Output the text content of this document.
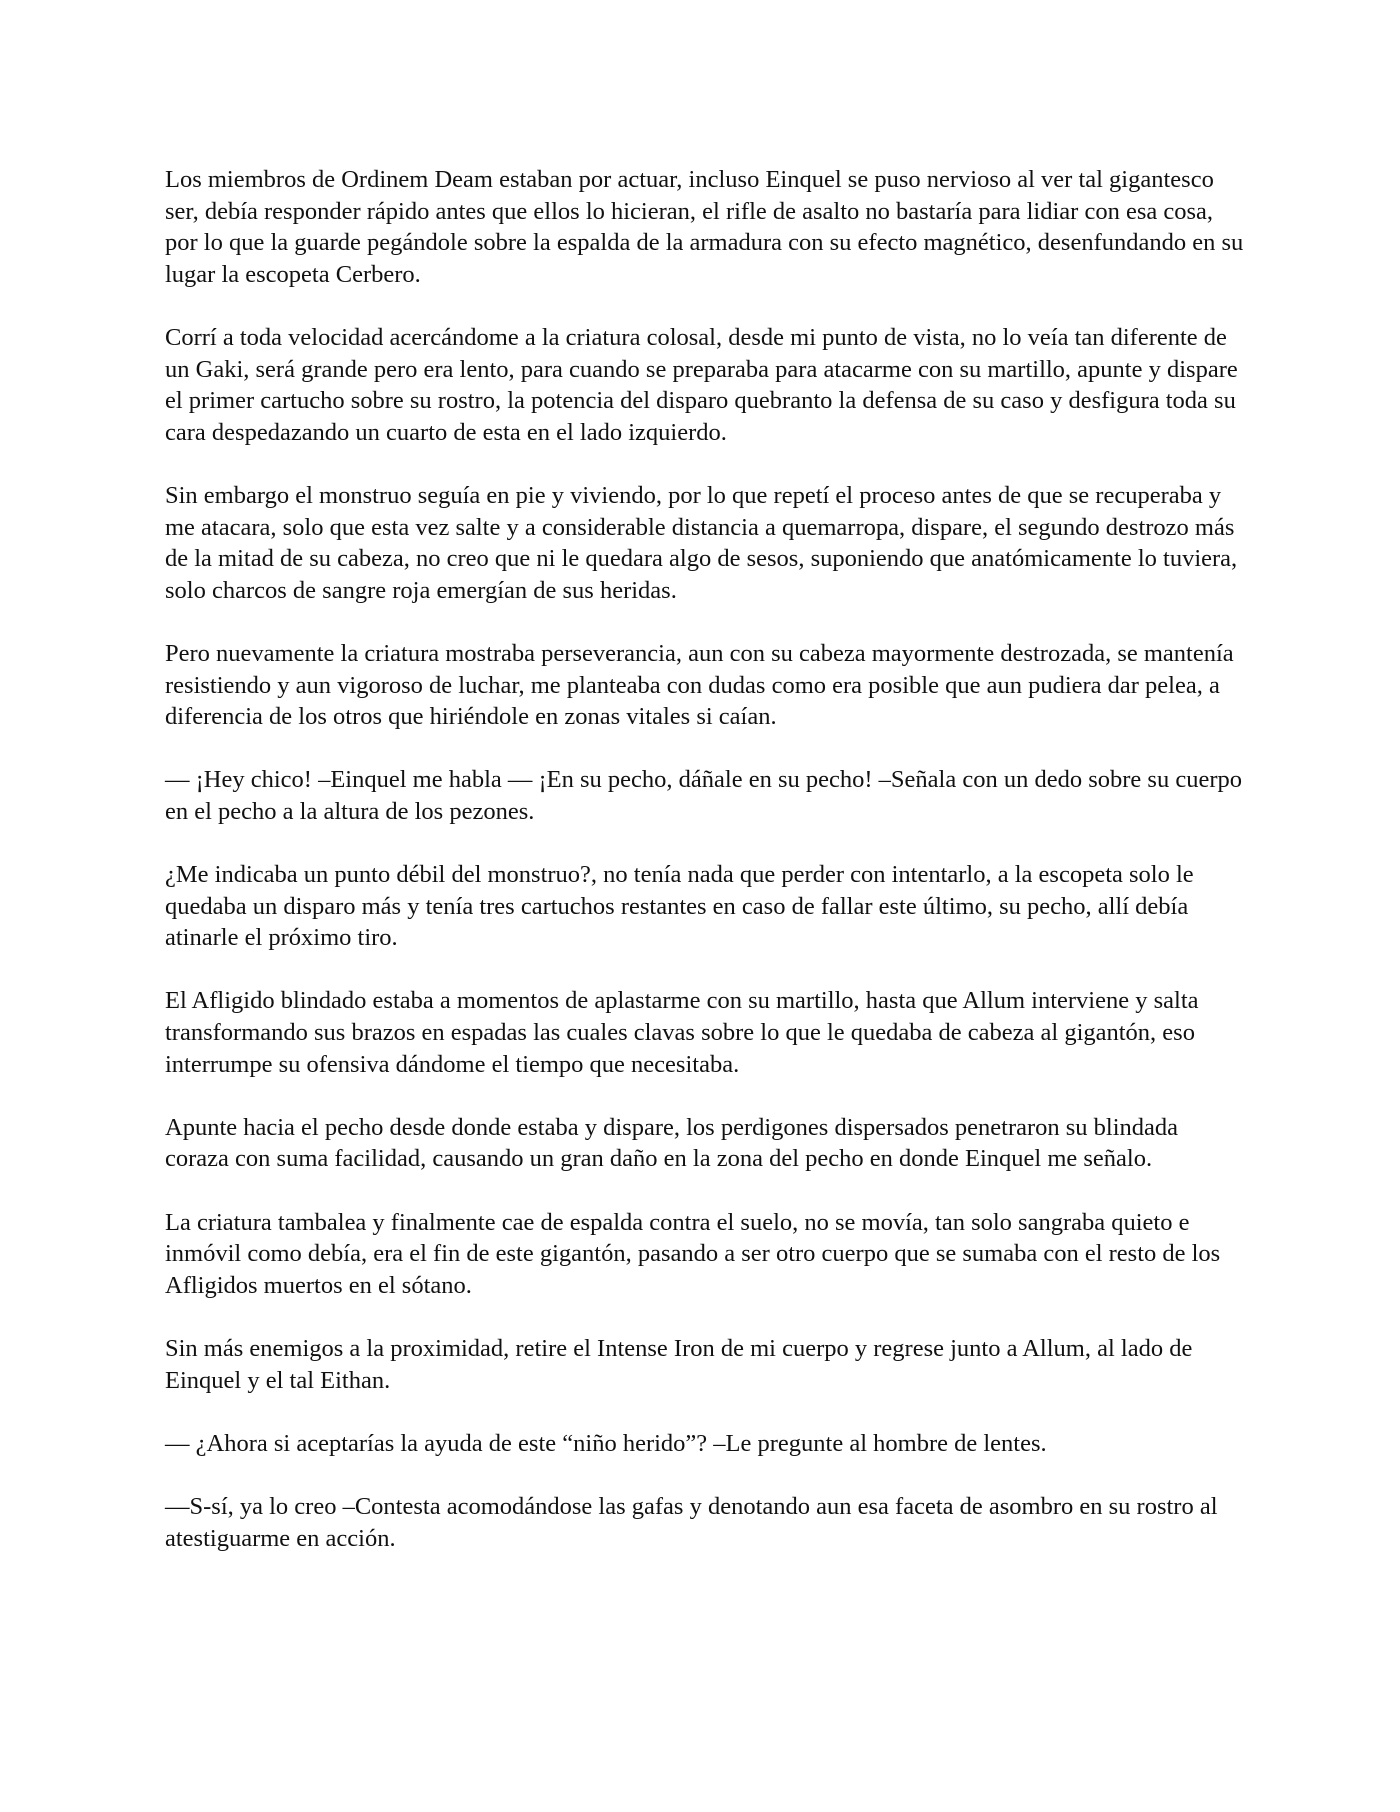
Los miembros de Ordinem Deam estaban por actuar, incluso Einquel se puso nervioso al ver tal gigantesco ser, debía responder rápido antes que ellos lo hicieran, el rifle de asalto no bastaría para lidiar con esa cosa, por lo que la guarde pegándole sobre la espalda de la armadura con su efecto magnético, desenfundando en su lugar la escopeta Cerbero.

Corrí a toda velocidad acercándome a la criatura colosal, desde mi punto de vista, no lo veía tan diferente de un Gaki, será grande pero era lento, para cuando se preparaba para atacarme con su martillo, apunte y dispare el primer cartucho sobre su rostro, la potencia del disparo quebranto la defensa de su caso y desfigura toda su cara despedazando un cuarto de esta en el lado izquierdo.

Sin embargo el monstruo seguía en pie y viviendo, por lo que repetí el proceso antes de que se recuperaba y me atacara, solo que esta vez salte y a considerable distancia a quemarropa, dispare, el segundo destrozo más de la mitad de su cabeza, no creo que ni le quedara algo de sesos, suponiendo que anatómicamente lo tuviera, solo charcos de sangre roja emergían de sus heridas.

Pero nuevamente la criatura mostraba perseverancia, aun con su cabeza mayormente destrozada, se mantenía resistiendo y aun vigoroso de luchar, me planteaba con dudas como era posible que aun pudiera dar pelea, a diferencia de los otros que hiriéndole en zonas vitales si caían.

— ¡Hey chico! –Einquel me habla — ¡En su pecho, dáñale en su pecho! –Señala con un dedo sobre su cuerpo en el pecho a la altura de los pezones.

¿Me indicaba un punto débil del monstruo?, no tenía nada que perder con intentarlo, a la escopeta solo le quedaba un disparo más y tenía tres cartuchos restantes en caso de fallar este último, su pecho, allí debía atinarle el próximo tiro.

El Afligido blindado estaba a momentos de aplastarme con su martillo, hasta que Allum interviene y salta transformando sus brazos en espadas las cuales clavas sobre lo que le quedaba de cabeza al gigantón, eso interrumpe su ofensiva dándome el tiempo que necesitaba.

Apunte hacia el pecho desde donde estaba y dispare, los perdigones dispersados penetraron su blindada coraza con suma facilidad, causando un gran daño en la zona del pecho en donde Einquel me señalo.

La criatura tambalea y finalmente cae de espalda contra el suelo, no se movía, tan solo sangraba quieto e inmóvil como debía, era el fin de este gigantón, pasando a ser otro cuerpo que se sumaba con el resto de los Afligidos muertos en el sótano.

Sin más enemigos a la proximidad, retire el Intense Iron de mi cuerpo y regrese junto a Allum, al lado de Einquel y el tal Eithan.

— ¿Ahora si aceptarías la ayuda de este “niño herido”? –Le pregunte al hombre de lentes.

—S-sí, ya lo creo –Contesta acomodándose las gafas y denotando aun esa faceta de asombro en su rostro al atestiguarme en acción.
